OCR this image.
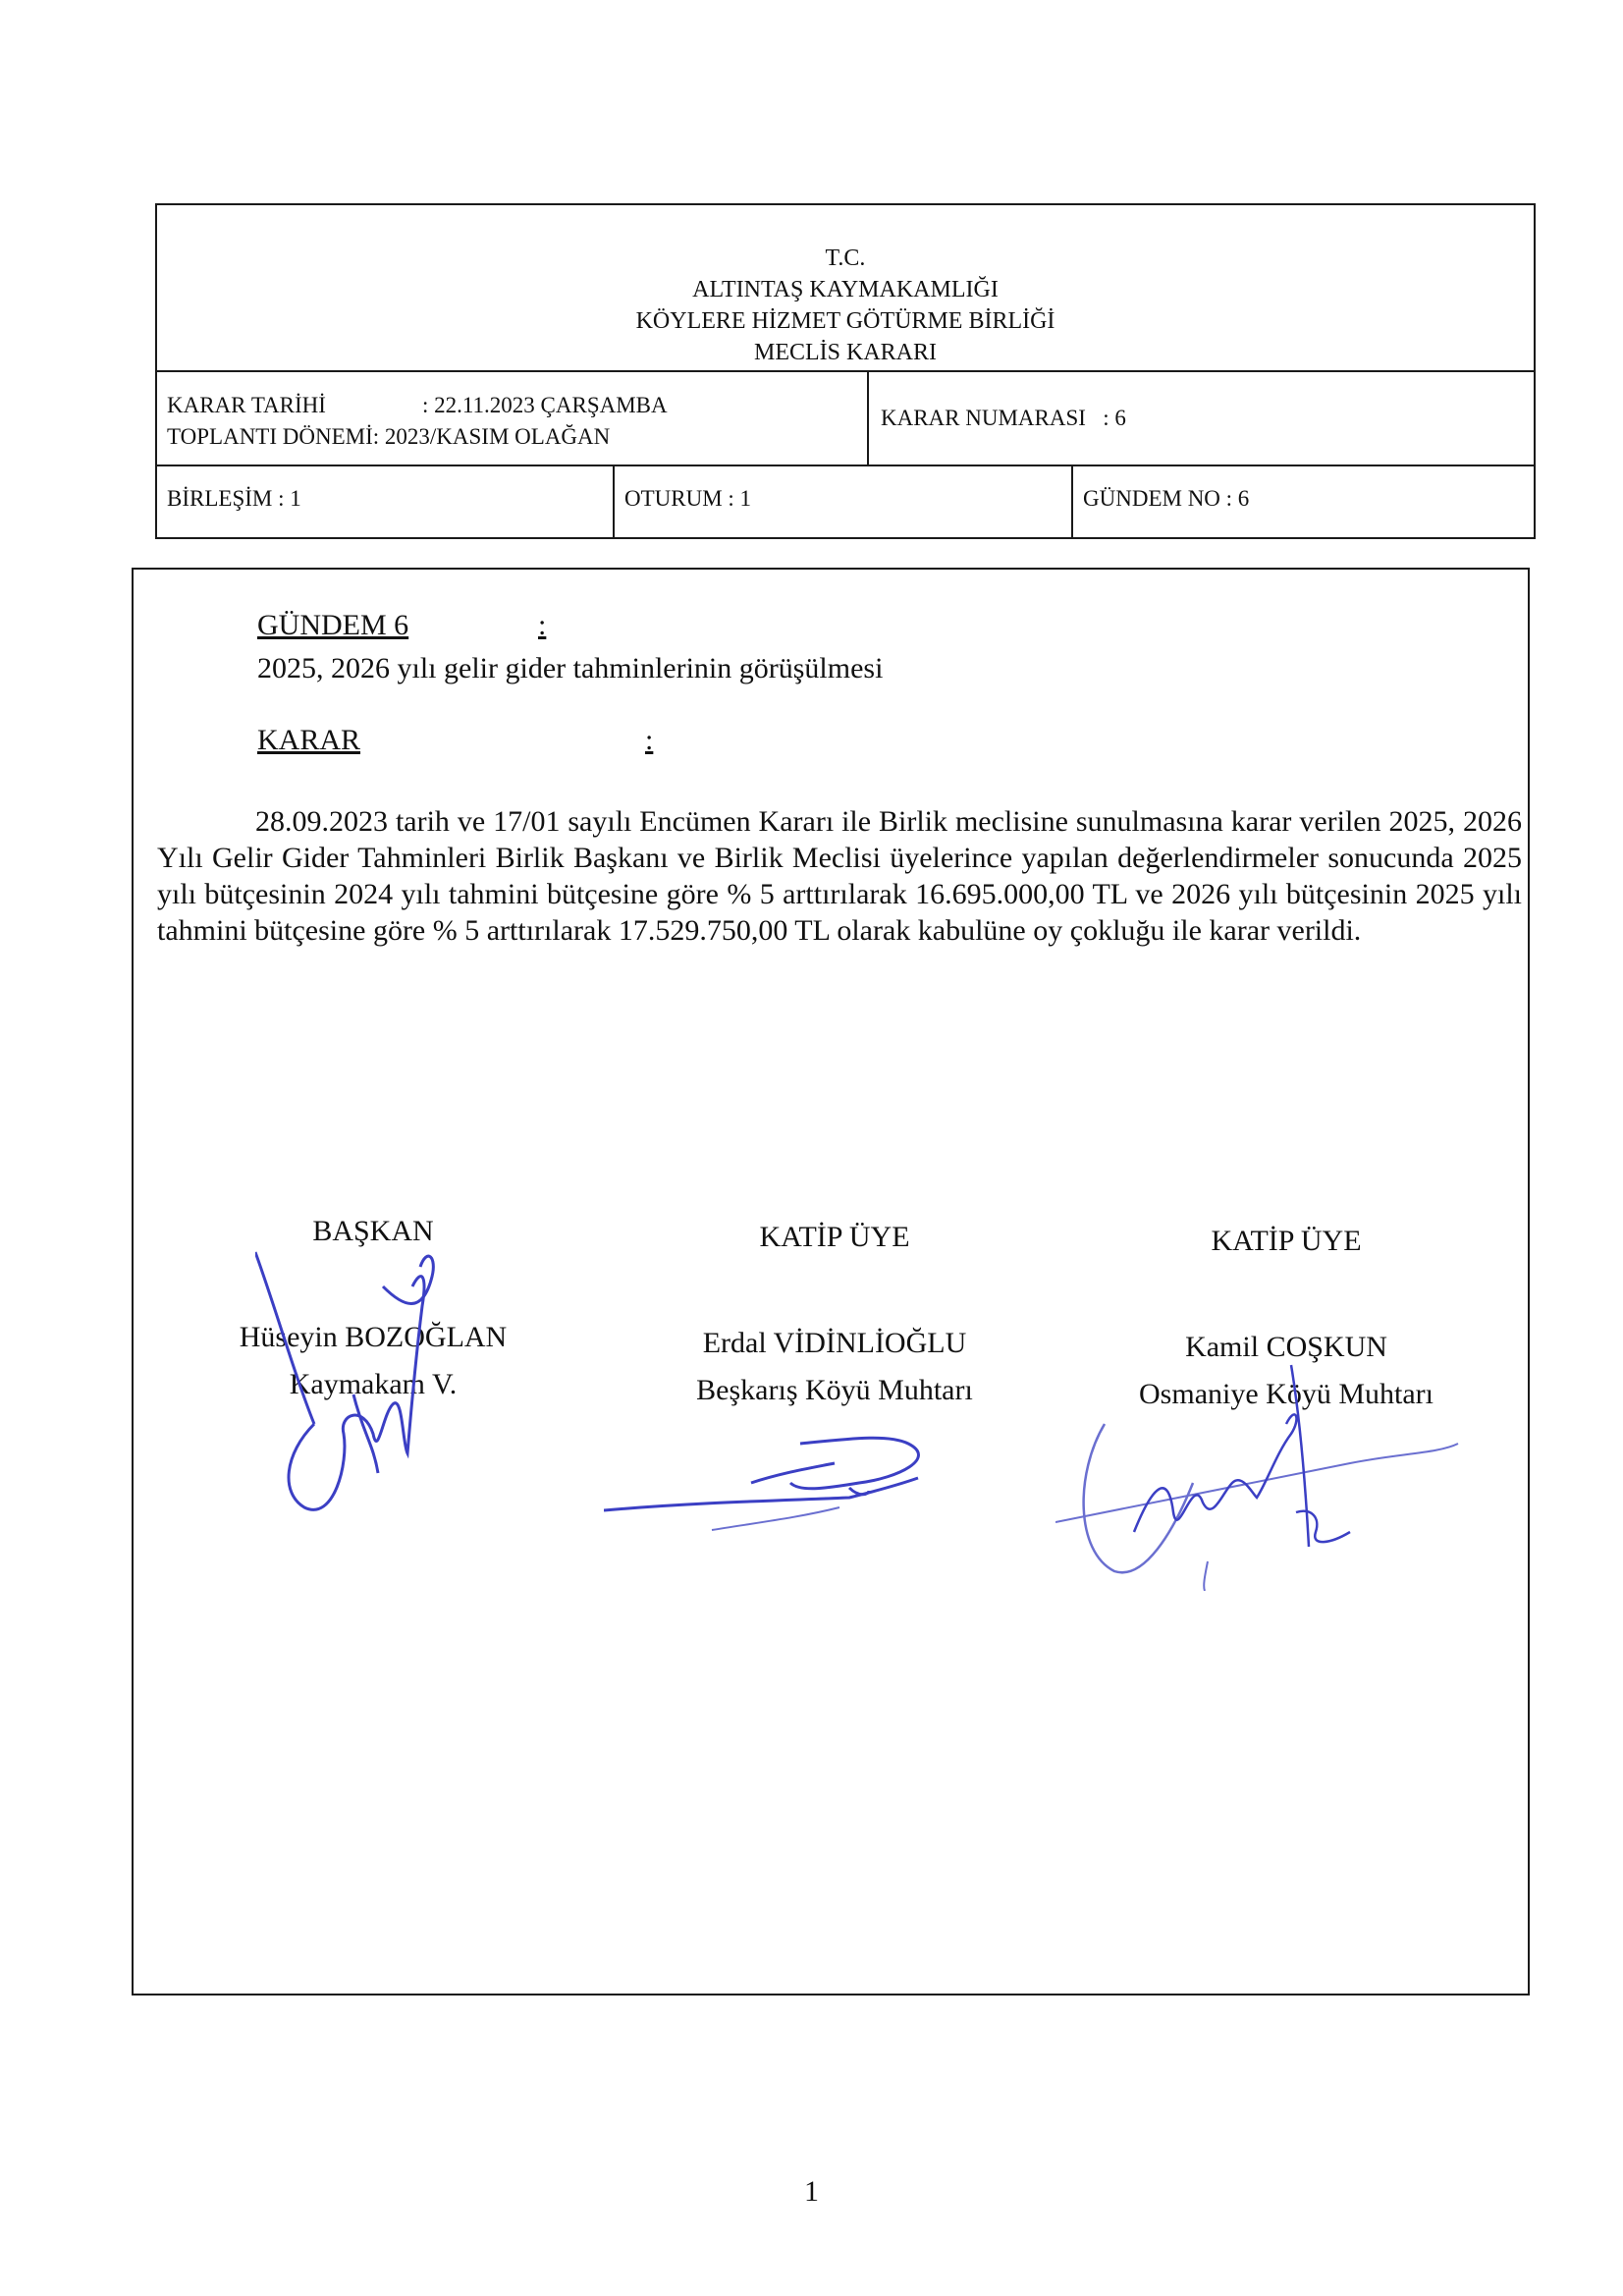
T.C.
ALTINTAŞ KAYMAKAMLIĞI
KÖYLERE HİZMET GÖTÜRME BİRLİĞİ
MECLİS KARARI
KARAR TARİHİ	: 22.11.2023 ÇARŞAMBA
TOPLANTI DÖNEMİ: 2023/KASIM OLAĞAN
KARAR NUMARASI   : 6
BİRLEŞİM : 1	OTURUM : 1	GÜNDEM NO : 6
GÜNDEM 6	:
2025, 2026 yılı gelir gider tahminlerinin görüşülmesi
KARAR	:

28.09.2023 tarih ve 17/01 sayılı Encümen Kararı ile Birlik meclisine sunulmasına karar verilen 2025, 2026 Yılı Gelir Gider Tahminleri Birlik Başkanı ve Birlik Meclisi üyelerince yapılan değerlendirmeler sonucunda 2025 yılı bütçesinin 2024 yılı tahmini bütçesine göre % 5 arttırılarak 16.695.000,00 TL ve 2026 yılı bütçesinin 2025 yılı tahmini bütçesine göre % 5 arttırılarak 17.529.750,00 TL olarak kabulüne oy çokluğu ile karar verildi.

BAŞKAN
Hüseyin BOZOĞLAN
Kaymakam V.
KATİP ÜYE
Erdal VİDİNLİOĞLU
Beşkarış Köyü Muhtarı
KATİP ÜYE
Kamil COŞKUN
Osmaniye Köyü Muhtarı
1
